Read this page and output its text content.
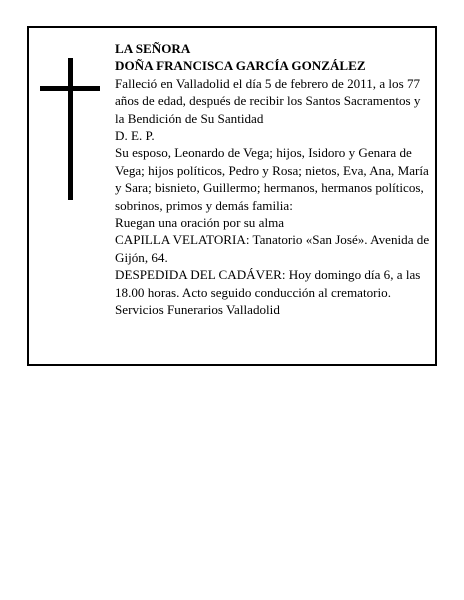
LA SEÑORA

DOÑA FRANCISCA GARCÍA GONZÁLEZ

Falleció en Valladolid el día 5 de febrero de 2011, a los 77 años de edad, después de recibir los Santos Sacramentos y la Bendición de Su Santidad

D. E. P.

Su esposo, Leonardo de Vega; hijos, Isidoro y Genara de Vega; hijos políticos, Pedro y Rosa; nietos, Eva, Ana, María y Sara; bisnieto, Guillermo; hermanos, hermanos políticos, sobrinos, primos y demás familia:

Ruegan una oración por su alma

CAPILLA VELATORIA: Tanatorio «San José». Avenida de Gijón, 64.

DESPEDIDA DEL CADÁVER: Hoy domingo día 6, a las 18.00 horas. Acto seguido conducción al crematorio.

Servicios Funerarios Valladolid
